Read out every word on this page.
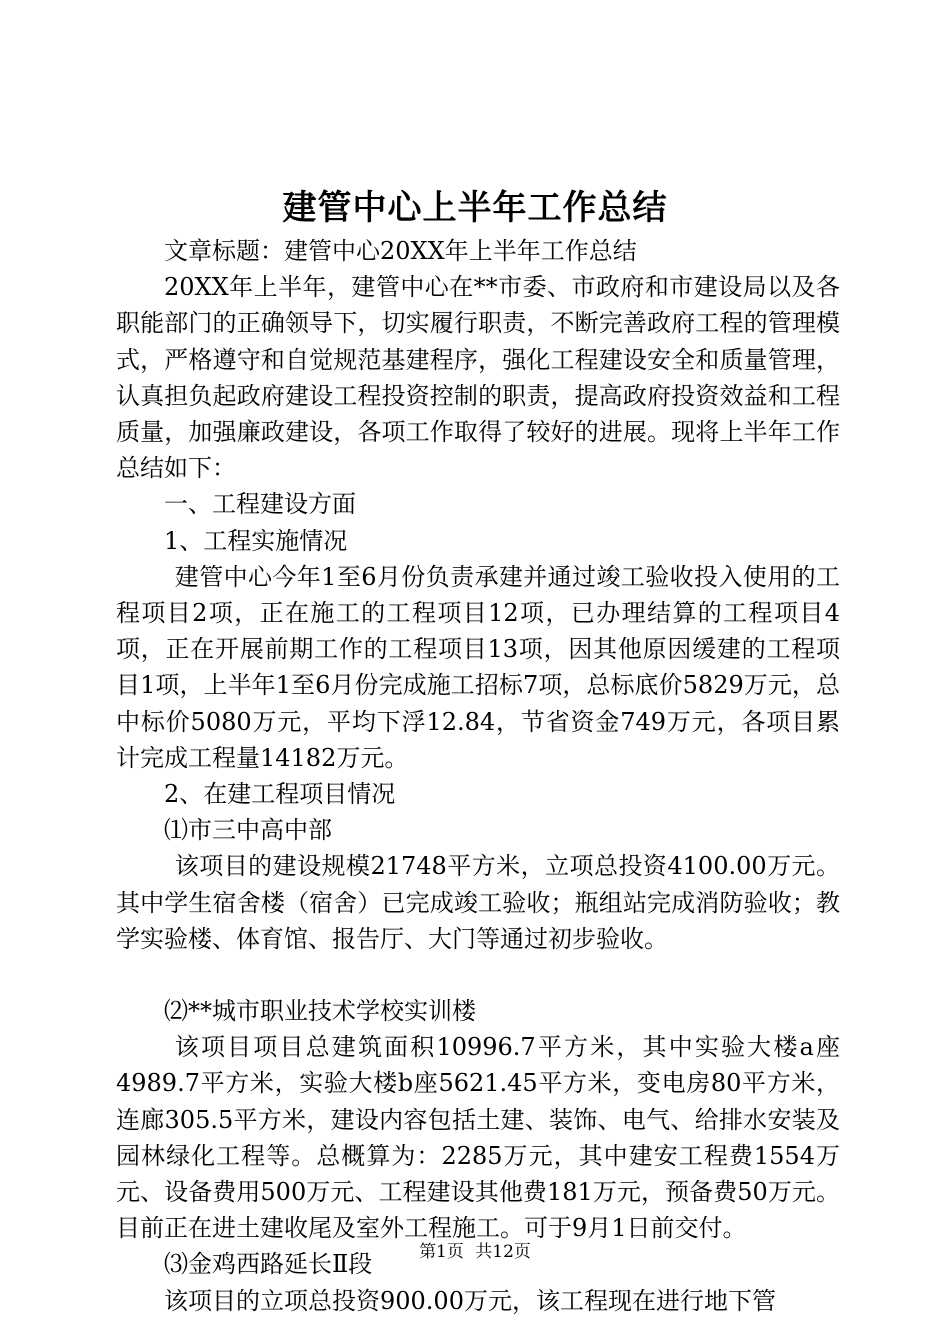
建管中心上半年工作总结

文章标题：建管中心20XX年上半年工作总结

20XX年上半年，建管中心在**市委、市政府和市建设局以及各职能部门的正确领导下，切实履行职责，不断完善政府工程的管理模式，严格遵守和自觉规范基建程序，强化工程建设安全和质量管理，认真担负起政府建设工程投资控制的职责，提高政府投资效益和工程质量，加强廉政建设，各项工作取得了较好的进展。现将上半年工作总结如下：

一、工程建设方面

1、工程实施情况

建管中心今年1至6月份负责承建并通过竣工验收投入使用的工程项目2项，正在施工的工程项目12项，已办理结算的工程项目4项，正在开展前期工作的工程项目13项，因其他原因缓建的工程项目1项，上半年1至6月份完成施工招标7项，总标底价5829万元，总中标价5080万元，平均下浮12.84，节省资金749万元，各项目累计完成工程量14182万元。

2、在建工程项目情况

⑴市三中高中部

该项目的建设规模21748平方米，立项总投资4100.00万元。其中学生宿舍楼（宿舍）已完成竣工验收；瓶组站完成消防验收；教学实验楼、体育馆、报告厅、大门等通过初步验收。

⑵**城市职业技术学校实训楼

该项目项目总建筑面积10996.7平方米，其中实验大楼a座4989.7平方米，实验大楼b座5621.45平方米，变电房80平方米，连廊305.5平方米，建设内容包括土建、装饰、电气、给排水安装及园林绿化工程等。总概算为：2285万元，其中建安工程费1554万元、设备费用500万元、工程建设其他费181万元，预备费50万元。目前正在进土建收尾及室外工程施工。可于9月1日前交付。

⑶金鸡西路延长Ⅱ段

该项目的立项总投资900.00万元，该工程现在进行地下管

第1页 共12页
